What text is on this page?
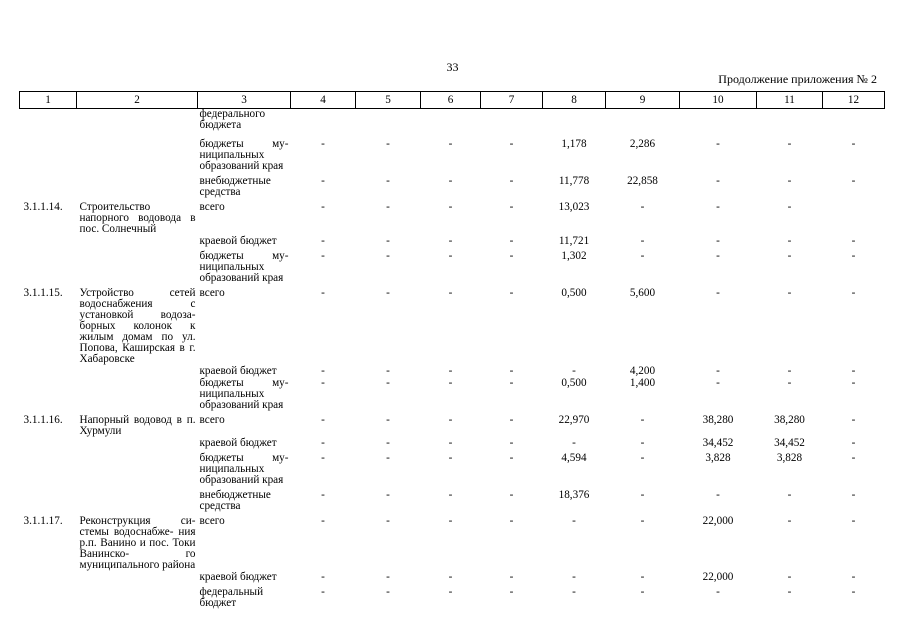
33
Продолжение приложения № 2
1	2	3	4	5	6	7	8	9	10	11	12
		федерального бюджета									
		бюджеты му- ниципальных образований края	-	-	-	-	1,178	2,286	-	-	-
		внебюджетные средства	-	-	-	-	11,778	22,858	-	-	-
3.1.1.14.	Строительство напорного водовода в пос. Солнечный	всего	-	-	-	-	13,023	-	-	-	
		краевой бюджет	-	-	-	-	11,721	-	-	-	-
		бюджеты му- ниципальных образований края	-	-	-	-	1,302	-	-	-	-
3.1.1.15.	Устройство сетей водоснабжения с установкой водоза- борных колонок к жилым домам по ул. Попова, Каширская в г. Хабаровске	всего	-	-	-	-	0,500	5,600	-	-	-
		краевой бюджет	-	-	-	-	-	4,200	-	-	-
		бюджеты му- ниципальных образований края	-	-	-	-	0,500	1,400	-	-	-
3.1.1.16.	Напорный водовод в п. Хурмули	всего	-	-	-	-	22,970	-	38,280	38,280	-
		краевой бюджет	-	-	-	-	-	-	34,452	34,452	-
		бюджеты му- ниципальных образований края	-	-	-	-	4,594	-	3,828	3,828	-
		внебюджетные средства	-	-	-	-	18,376	-	-	-	-
3.1.1.17.	Реконструкция си- стемы водоснабже- ния р.п. Ванино и пос. Токи Ванинско- го муниципального района	всего	-	-	-	-	-	-	22,000	-	-
		краевой бюджет	-	-	-	-	-	-	22,000	-	-
		федеральный бюджет	-	-	-	-	-	-	-	-	-
